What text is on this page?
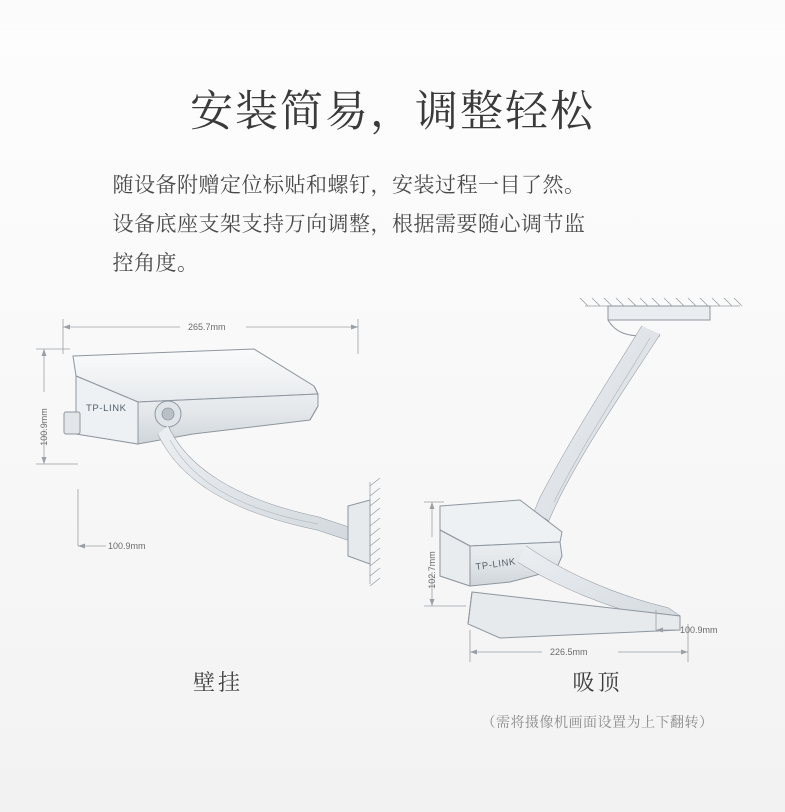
安装简易，调整轻松
随设备附赠定位标贴和螺钉，安装过程一目了然。
设备底座支架支持万向调整，根据需要随心调节监
控角度。
265.7mm
100.9mm
100.9mm
TP-LINK
壁挂
TP-LINK
102.7mm
226.5mm
100.9mm
吸顶
（需将摄像机画面设置为上下翻转）
